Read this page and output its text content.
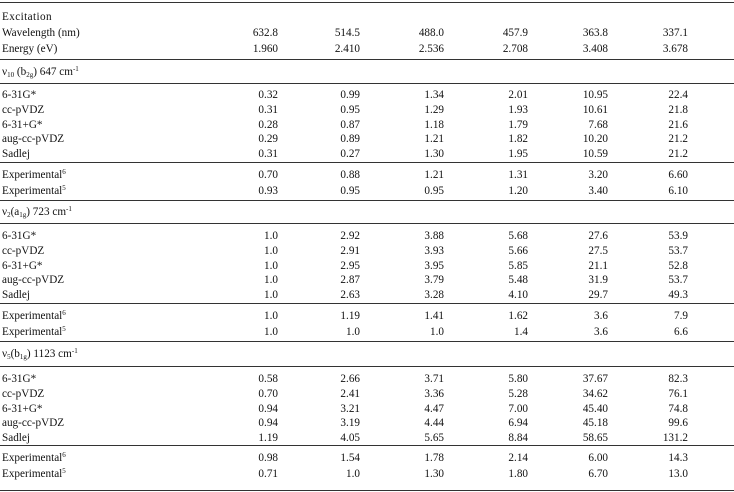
Excitation
Wavelength (nm)	632.8	514.5	488.0	457.9	363.8	337.1
Energy (eV)	1.960	2.410	2.536	2.708	3.408	3.678
$\nu_{10}$ $(b_{2g})$ 647 $cm^{-1}$
6-31G*	0.32	0.99	1.34	2.01	10.95	22.4
cc-pVDZ	0.31	0.95	1.29	1.93	10.61	21.8
6-31+G*	0.28	0.87	1.18	1.79	7.68	21.6
aug-cc-pVDZ	0.29	0.89	1.21	1.82	10.20	21.2
Sadlej	0.31	0.27	1.30	1.95	10.59	21.2
Experimental$^6$	0.70	0.88	1.21	1.31	3.20	6.60
Experimental$^5$	0.93	0.95	0.95	1.20	3.40	6.10
$\nu_2(a_{1g})$ 723 $cm^{-1}$
6-31G*	1.0	2.92	3.88	5.68	27.6	53.9
cc-pVDZ	1.0	2.91	3.93	5.66	27.5	53.7
6-31+G*	1.0	2.95	3.95	5.85	21.1	52.8
aug-cc-pVDZ	1.0	2.87	3.79	5.48	31.9	53.7
Sadlej	1.0	2.63	3.28	4.10	29.7	49.3
Experimental$^6$	1.0	1.19	1.41	1.62	3.6	7.9
Experimental$^5$	1.0	1.0	1.0	1.4	3.6	6.6
$\nu_5(b_{1g})$ 1123 $cm^{-1}$
6-31G*	0.58	2.66	3.71	5.80	37.67	82.3
cc-pVDZ	0.70	2.41	3.36	5.28	34.62	76.1
6-31+G*	0.94	3.21	4.47	7.00	45.40	74.8
aug-cc-pVDZ	0.94	3.19	4.44	6.94	45.18	99.6
Sadlej	1.19	4.05	5.65	8.84	58.65	131.2
Experimental$^6$	0.98	1.54	1.78	2.14	6.00	14.3
Experimental$^5$	0.71	1.0	1.30	1.80	6.70	13.0
